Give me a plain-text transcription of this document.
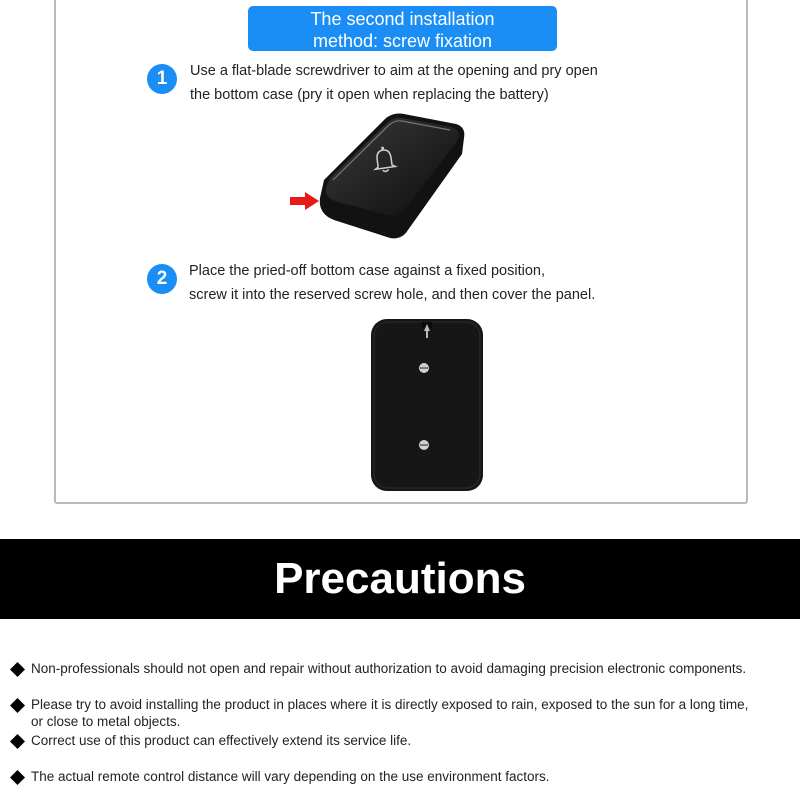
The second installation
method: screw fixation
1	Use a flat-blade screwdriver to aim at the opening and pry open
the bottom case (pry it open when replacing the battery)
2	Place the pried-off bottom case against a fixed position,
screw it into the reserved screw hole, and then cover the panel.
Precautions
Non-professionals should not open and repair without authorization to avoid damaging precision electronic components.
Please try to avoid installing the product in places where it is directly exposed to rain, exposed to the sun for a long time,
or close to metal objects.
Correct use of this product can effectively extend its service life.
The actual remote control distance will vary depending on the use environment factors.
